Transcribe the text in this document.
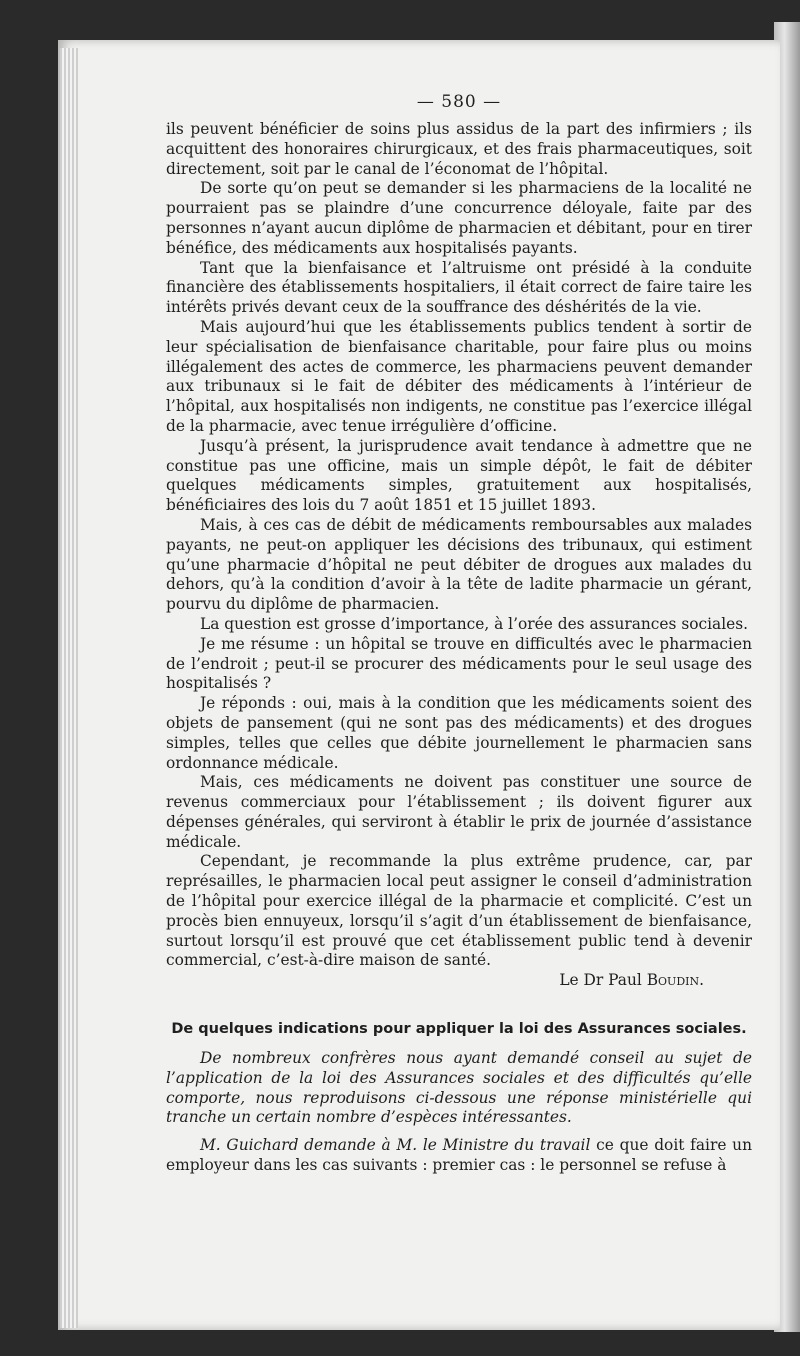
— 580 —

ils peuvent bénéficier de soins plus assidus de la part des infirmiers ; ils acquittent des honoraires chirurgicaux, et des frais pharmaceutiques, soit directement, soit par le canal de l’économat de l’hôpital.

De sorte qu’on peut se demander si les pharmaciens de la localité ne pourraient pas se plaindre d’une concurrence déloyale, faite par des personnes n’ayant aucun diplôme de pharmacien et débitant, pour en tirer bénéfice, des médicaments aux hospitalisés payants.

Tant que la bienfaisance et l’altruisme ont présidé à la conduite financière des établissements hospitaliers, il était correct de faire taire les intérêts privés devant ceux de la souffrance des déshérités de la vie.

Mais aujourd’hui que les établissements publics tendent à sortir de leur spécialisation de bienfaisance charitable, pour faire plus ou moins illégalement des actes de commerce, les pharmaciens peuvent demander aux tribunaux si le fait de débiter des médicaments à l’intérieur de l’hôpital, aux hospitalisés non indigents, ne constitue pas l’exercice illégal de la pharmacie, avec tenue irrégulière d’officine.

Jusqu’à présent, la jurisprudence avait tendance à admettre que ne constitue pas une officine, mais un simple dépôt, le fait de débiter quelques médicaments simples, gratuitement aux hospitalisés, bénéficiaires des lois du 7 août 1851 et 15 juillet 1893.

Mais, à ces cas de débit de médicaments remboursables aux malades payants, ne peut-on appliquer les décisions des tribunaux, qui estiment qu’une pharmacie d’hôpital ne peut débiter de drogues aux malades du dehors, qu’à la condition d’avoir à la tête de ladite pharmacie un gérant, pourvu du diplôme de pharmacien.

La question est grosse d’importance, à l’orée des assurances sociales.

Je me résume : un hôpital se trouve en difficultés avec le pharmacien de l’endroit ; peut-il se procurer des médicaments pour le seul usage des hospitalisés ?

Je réponds : oui, mais à la condition que les médicaments soient des objets de pansement (qui ne sont pas des médicaments) et des drogues simples, telles que celles que débite journellement le pharmacien sans ordonnance médicale.

Mais, ces médicaments ne doivent pas constituer une source de revenus commerciaux pour l’établissement ; ils doivent figurer aux dépenses générales, qui serviront à établir le prix de journée d’assistance médicale.

Cependant, je recommande la plus extrême prudence, car, par représailles, le pharmacien local peut assigner le conseil d’administration de l’hôpital pour exercice illégal de la pharmacie et complicité. C’est un procès bien ennuyeux, lorsqu’il s’agit d’un établissement de bienfaisance, surtout lorsqu’il est prouvé que cet établissement public tend à devenir commercial, c’est-à-dire maison de santé.

Le Dr Paul Boudin.

De quelques indications pour appliquer la loi des Assurances sociales.

De nombreux confrères nous ayant demandé conseil au sujet de l’application de la loi des Assurances sociales et des difficultés qu’elle comporte, nous reproduisons ci-dessous une réponse ministérielle qui tranche un certain nombre d’espèces intéressantes.

M. Guichard demande à M. le Ministre du travail ce que doit faire un employeur dans les cas suivants : premier cas : le personnel se refuse à
